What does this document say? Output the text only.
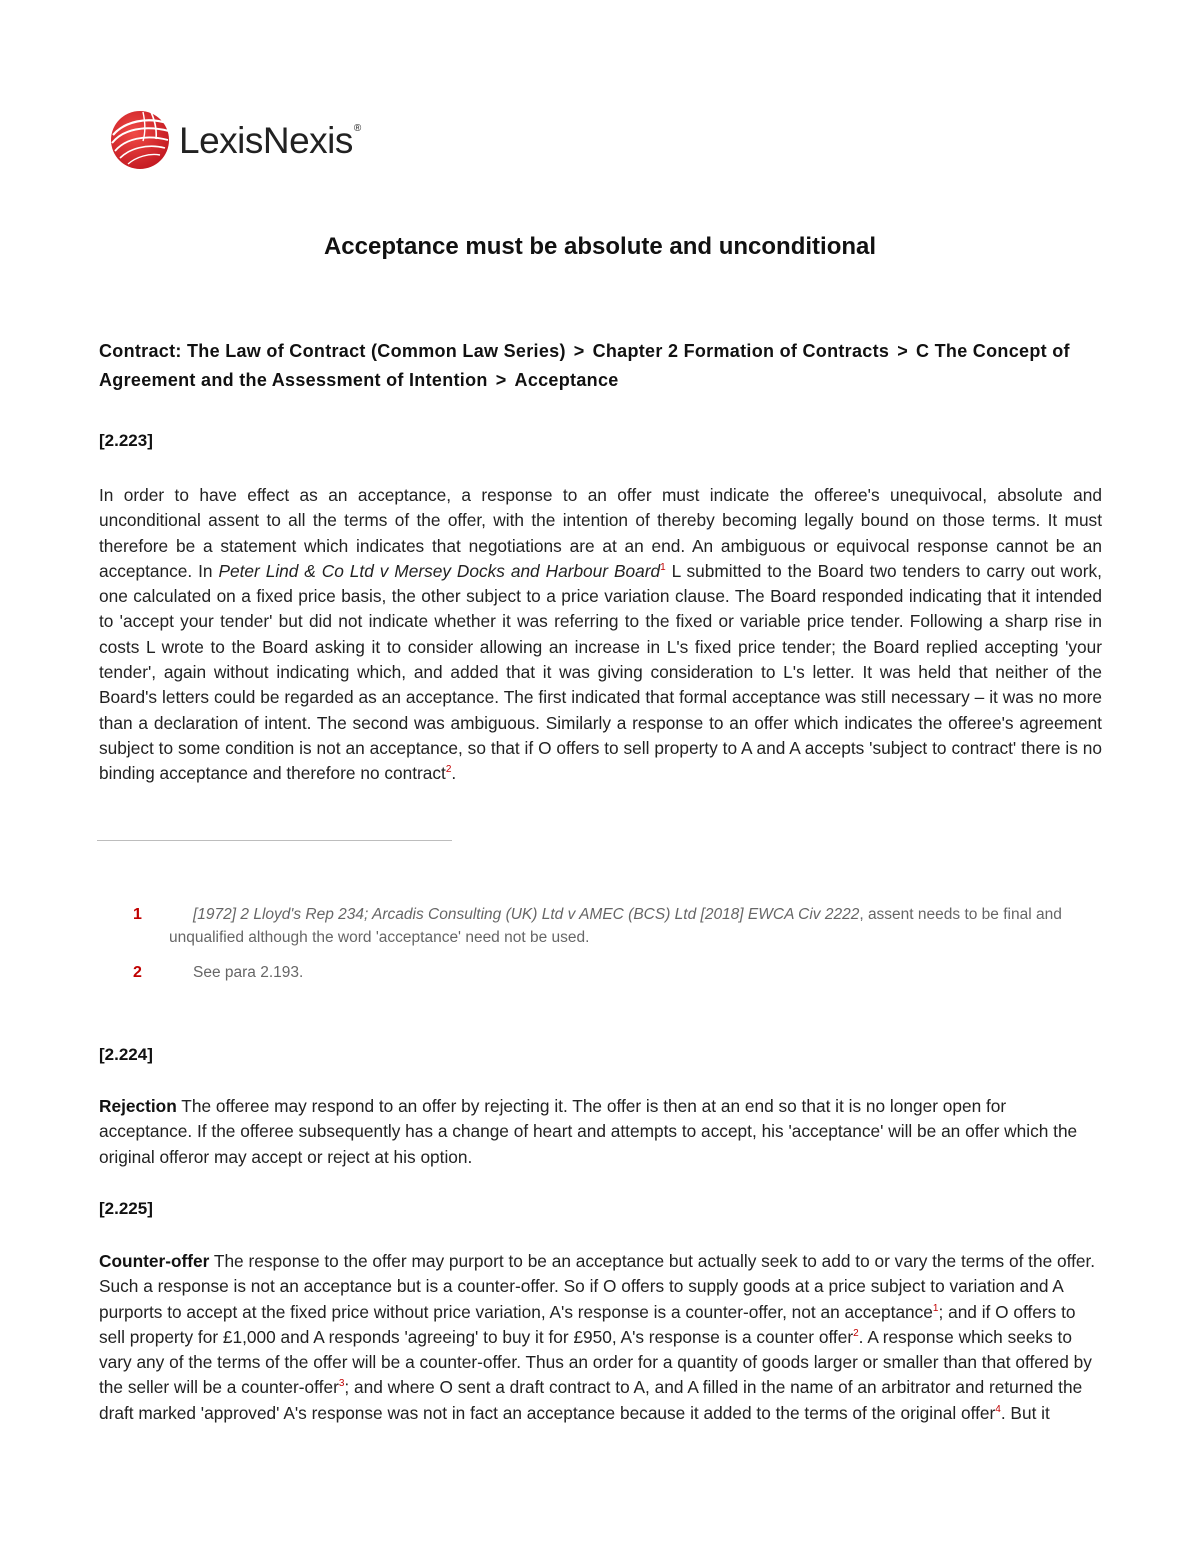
LexisNexis®
Acceptance must be absolute and unconditional
Contract: The Law of Contract (Common Law Series) > Chapter 2 Formation of Contracts > C The Concept of Agreement and the Assessment of Intention > Acceptance
[2.223]
In order to have effect as an acceptance, a response to an offer must indicate the offeree's unequivocal, absolute and unconditional assent to all the terms of the offer, with the intention of thereby becoming legally bound on those terms. It must therefore be a statement which indicates that negotiations are at an end. An ambiguous or equivocal response cannot be an acceptance. In Peter Lind & Co Ltd v Mersey Docks and Harbour Board$^1$ L submitted to the Board two tenders to carry out work, one calculated on a fixed price basis, the other subject to a price variation clause. The Board responded indicating that it intended to 'accept your tender' but did not indicate whether it was referring to the fixed or variable price tender. Following a sharp rise in costs L wrote to the Board asking it to consider allowing an increase in L's fixed price tender; the Board replied accepting 'your tender', again without indicating which, and added that it was giving consideration to L's letter. It was held that neither of the Board's letters could be regarded as an acceptance. The first indicated that formal acceptance was still necessary – it was no more than a declaration of intent. The second was ambiguous. Similarly a response to an offer which indicates the offeree's agreement subject to some condition is not an acceptance, so that if O offers to sell property to A and A accepts 'subject to contract' there is no binding acceptance and therefore no contract$^2$.
1	[1972] 2 Lloyd's Rep 234; Arcadis Consulting (UK) Ltd v AMEC (BCS) Ltd [2018] EWCA Civ 2222, assent needs to be final and unqualified although the word 'acceptance' need not be used.
2	See para 2.193.
[2.224]
Rejection The offeree may respond to an offer by rejecting it. The offer is then at an end so that it is no longer open for acceptance. If the offeree subsequently has a change of heart and attempts to accept, his 'acceptance' will be an offer which the original offeror may accept or reject at his option.
[2.225]
Counter-offer The response to the offer may purport to be an acceptance but actually seek to add to or vary the terms of the offer. Such a response is not an acceptance but is a counter-offer. So if O offers to supply goods at a price subject to variation and A purports to accept at the fixed price without price variation, A's response is a counter-offer, not an acceptance$^1$; and if O offers to sell property for £1,000 and A responds 'agreeing' to buy it for £950, A's response is a counter offer$^2$. A response which seeks to vary any of the terms of the offer will be a counter-offer. Thus an order for a quantity of goods larger or smaller than that offered by the seller will be a counter-offer$^3$; and where O sent a draft contract to A, and A filled in the name of an arbitrator and returned the draft marked 'approved' A's response was not in fact an acceptance because it added to the terms of the original offer$^4$. But it
